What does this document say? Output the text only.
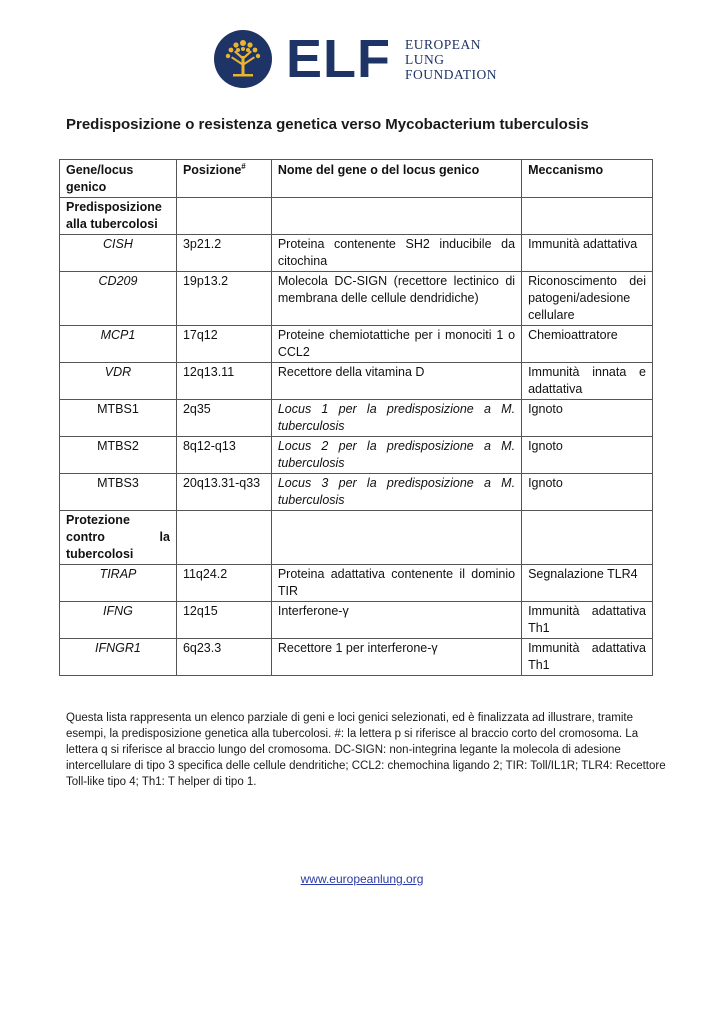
ELF EUROPEAN
LUNG
FOUNDATION
Predisposizione o resistenza genetica verso Mycobacterium tuberculosis
Gene/locus genico	Posizione#	Nome del gene o del locus genico	Meccanismo
Predisposizione alla tubercolosi			
CISH	3p21.2	Proteina contenente SH2 inducibile da citochina	Immunità adattativa
CD209	19p13.2	Molecola DC-SIGN (recettore lectinico di membrana delle cellule dendridiche)	Riconoscimento dei patogeni/adesione cellulare
MCP1	17q12	Proteine chemiotattiche per i monociti 1 o CCL2	Chemioattratore
VDR	12q13.11	Recettore della vitamina D	Immunità innata e adattativa
MTBS1	2q35	Locus 1 per la predisposizione a M. tuberculosis	Ignoto
MTBS2	8q12-q13	Locus 2 per la predisposizione a M. tuberculosis	Ignoto
MTBS3	20q13.31-q33	Locus 3 per la predisposizione a M. tuberculosis	Ignoto
Protezione contro la tubercolosi			
TIRAP	11q24.2	Proteina adattativa contenente il dominio TIR	Segnalazione TLR4
IFNG	12q15	Interferone-γ	Immunità adattativa Th1
IFNGR1	6q23.3	Recettore 1 per interferone-γ	Immunità adattativa Th1
Questa lista rappresenta un elenco parziale di geni e loci genici selezionati, ed è finalizzata ad illustrare, tramite esempi, la predisposizione genetica alla tubercolosi. #: la lettera p si riferisce al braccio corto del cromosoma. La lettera q si riferisce al braccio lungo del cromosoma. DC-SIGN: non-integrina legante la molecola di adesione intercellulare di tipo 3 specifica delle cellule dendritiche; CCL2: chemochina ligando 2; TIR: Toll/IL1R; TLR4: Recettore Toll-like tipo 4; Th1: T helper di tipo 1.
www.europeanlung.org
